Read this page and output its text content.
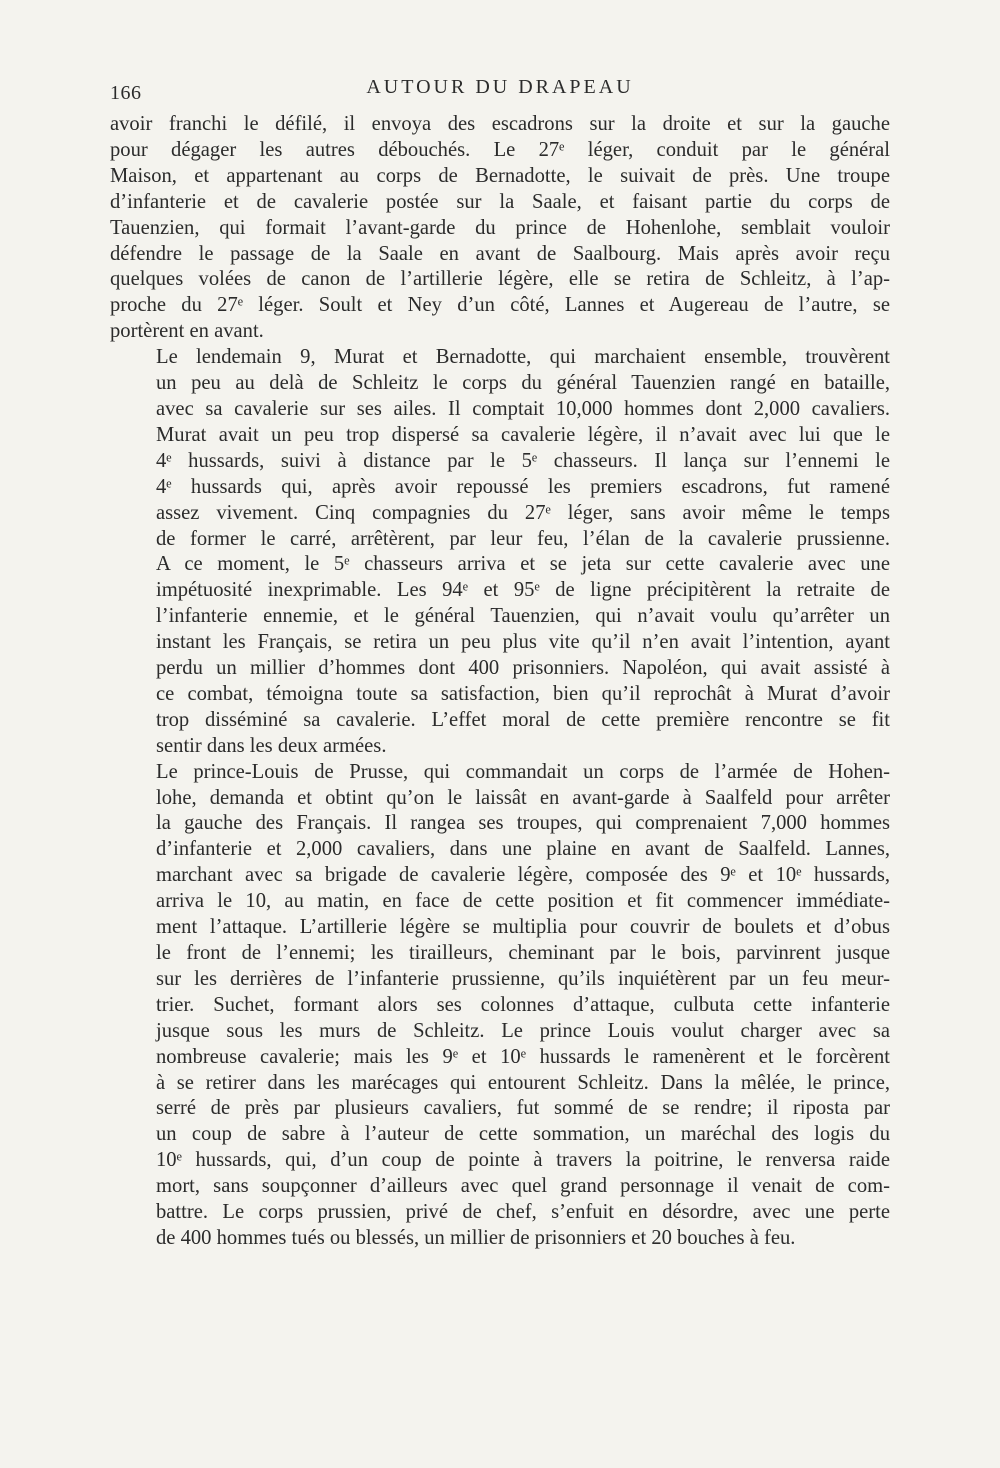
166	AUTOUR DU DRAPEAU

avoir franchi le défilé, il envoya des escadrons sur la droite et sur la gauche
pour dégager les autres débouchés. Le 27ᵉ léger, conduit par le général
Maison, et appartenant au corps de Bernadotte, le suivait de près. Une troupe
d’infanterie et de cavalerie postée sur la Saale, et faisant partie du corps de
Tauenzien, qui formait l’avant-garde du prince de Hohenlohe, semblait vouloir
défendre le passage de la Saale en avant de Saalbourg. Mais après avoir reçu
quelques volées de canon de l’artillerie légère, elle se retira de Schleitz, à l’ap-
proche du 27ᵉ léger. Soult et Ney d’un côté, Lannes et Augereau de l’autre, se
portèrent en avant.

Le lendemain 9, Murat et Bernadotte, qui marchaient ensemble, trouvèrent
un peu au delà de Schleitz le corps du général Tauenzien rangé en bataille,
avec sa cavalerie sur ses ailes. Il comptait 10,000 hommes dont 2,000 cavaliers.
Murat avait un peu trop dispersé sa cavalerie légère, il n’avait avec lui que le
4ᵉ hussards, suivi à distance par le 5ᵉ chasseurs. Il lança sur l’ennemi le
4ᵉ hussards qui, après avoir repoussé les premiers escadrons, fut ramené
assez vivement. Cinq compagnies du 27ᵉ léger, sans avoir même le temps
de former le carré, arrêtèrent, par leur feu, l’élan de la cavalerie prussienne.
A ce moment, le 5ᵉ chasseurs arriva et se jeta sur cette cavalerie avec une
impétuosité inexprimable. Les 94ᵉ et 95ᵉ de ligne précipitèrent la retraite de
l’infanterie ennemie, et le général Tauenzien, qui n’avait voulu qu’arrêter un
instant les Français, se retira un peu plus vite qu’il n’en avait l’intention, ayant
perdu un millier d’hommes dont 400 prisonniers. Napoléon, qui avait assisté à
ce combat, témoigna toute sa satisfaction, bien qu’il reprochât à Murat d’avoir
trop disséminé sa cavalerie. L’effet moral de cette première rencontre se fit
sentir dans les deux armées.

Le prince-Louis de Prusse, qui commandait un corps de l’armée de Hohen-
lohe, demanda et obtint qu’on le laissât en avant-garde à Saalfeld pour arrêter
la gauche des Français. Il rangea ses troupes, qui comprenaient 7,000 hommes
d’infanterie et 2,000 cavaliers, dans une plaine en avant de Saalfeld. Lannes,
marchant avec sa brigade de cavalerie légère, composée des 9ᵉ et 10ᵉ hussards,
arriva le 10, au matin, en face de cette position et fit commencer immédiate-
ment l’attaque. L’artillerie légère se multiplia pour couvrir de boulets et d’obus
le front de l’ennemi; les tirailleurs, cheminant par le bois, parvinrent jusque
sur les derrières de l’infanterie prussienne, qu’ils inquiétèrent par un feu meur-
trier. Suchet, formant alors ses colonnes d’attaque, culbuta cette infanterie
jusque sous les murs de Schleitz. Le prince Louis voulut charger avec sa
nombreuse cavalerie; mais les 9ᵉ et 10ᵉ hussards le ramenèrent et le forcèrent
à se retirer dans les marécages qui entourent Schleitz. Dans la mêlée, le prince,
serré de près par plusieurs cavaliers, fut sommé de se rendre; il riposta par
un coup de sabre à l’auteur de cette sommation, un maréchal des logis du
10ᵉ hussards, qui, d’un coup de pointe à travers la poitrine, le renversa raide
mort, sans soupçonner d’ailleurs avec quel grand personnage il venait de com-
battre. Le corps prussien, privé de chef, s’enfuit en désordre, avec une perte
de 400 hommes tués ou blessés, un millier de prisonniers et 20 bouches à feu.
